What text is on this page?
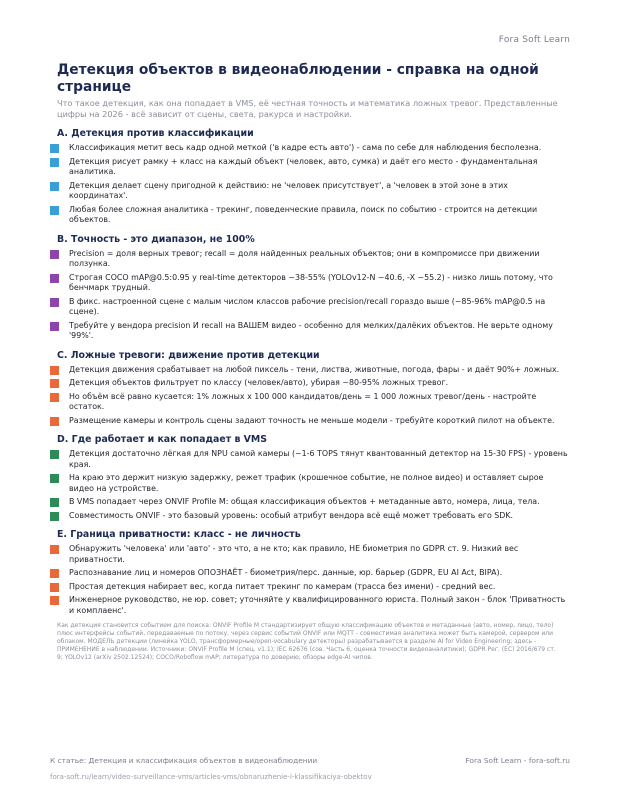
Fora Soft Learn
Детекция объектов в видеонаблюдении - справка на одной странице

Что такое детекция, как она попадает в VMS, её честная точность и математика ложных тревог. Представленные цифры на 2026 - всё зависит от сцены, света, ракурса и настройки.

A. Детекция против классификации
Классификация метит весь кадр одной меткой ('в кадре есть авто') - сама по себе для наблюдения бесполезна.
Детекция рисует рамку + класс на каждый объект (человек, авто, сумка) и даёт его место - фундаментальная аналитика.
Детекция делает сцену пригодной к действию: не 'человек присутствует', а 'человек в этой зоне в этих координатах'.
Любая более сложная аналитика - трекинг, поведенческие правила, поиск по событию - строится на детекции объектов.
B. Точность - это диапазон, не 100%
Precision = доля верных тревог; recall = доля найденных реальных объектов; они в компромиссе при движении ползунка.
Строгая COCO mAP@0.5:0.95 у real-time детекторов ~38-55% (YOLOv12-N ~40.6, -X ~55.2) - низко лишь потому, что бенчмарк трудный.
В фикс. настроенной сцене с малым числом классов рабочие precision/recall гораздо выше (~85-96% mAP@0.5 на сцене).
Требуйте у вендора precision И recall на ВАШЕМ видео - особенно для мелких/далёких объектов. Не верьте одному '99%'.
C. Ложные тревоги: движение против детекции
Детекция движения срабатывает на любой пиксель - тени, листва, животные, погода, фары - и даёт 90%+ ложных.
Детекция объектов фильтрует по классу (человек/авто), убирая ~80-95% ложных тревог.
Но объём всё равно кусается: 1% ложных x 100 000 кандидатов/день = 1 000 ложных тревог/день - настройте остаток.
Размещение камеры и контроль сцены задают точность не меньше модели - требуйте короткий пилот на объекте.
D. Где работает и как попадает в VMS
Детекция достаточно лёгкая для NPU самой камеры (~1-6 TOPS тянут квантованный детектор на 15-30 FPS) - уровень края.
На краю это держит низкую задержку, режет трафик (крошечное событие, не полное видео) и оставляет сырое видео на устройстве.
В VMS попадает через ONVIF Profile M: общая классификация объектов + метаданные авто, номера, лица, тела.
Совместимость ONVIF - это базовый уровень: особый атрибут вендора всё ещё может требовать его SDK.
E. Граница приватности: класс - не личность
Обнаружить 'человека' или 'авто' - это что, а не кто; как правило, НЕ биометрия по GDPR ст. 9. Низкий вес приватности.
Распознавание лиц и номеров ОПОЗНАЁТ - биометрия/перс. данные, юр. барьер (GDPR, EU AI Act, BIPA).
Простая детекция набирает вес, когда питает трекинг по камерам (трасса без имени) - средний вес.
Инженерное руководство, не юр. совет; уточняйте у квалифицированного юриста. Полный закон - блок 'Приватность и комплаенс'.

Как детекция становится событием для поиска: ONVIF Profile M стандартизирует общую классификацию объектов и метаданные (авто, номер, лицо, тело) плюс интерфейсы событий, передаваемые по потоку, через сервис событий ONVIF или MQTT - совместимая аналитика может быть камерой, сервером или облаком. МОДЕЛЬ детекции (линейка YOLO, трансформерные/open-vocabulary детекторы) разрабатывается в разделе AI for Video Engineering; здесь - ПРИМЕНЕНИЕ в наблюдении. Источники: ONVIF Profile M (спец. v1.1); IEC 62676 (сов. Часть 6, оценка точности видеоаналитики); GDPR Рег. (ЕС) 2016/679 ст. 9; YOLOv12 (arXiv 2502.12524); COCO/Roboflow mAP; литература по доверию; обзоры edge-AI чипов.

К статье: Детекция и классификация объектов в видеонаблюдении
fora-soft.ru/learn/video-surveillance-vms/articles-vms/obnaruzhenie-i-klassifikaciya-obektov
Fora Soft Learn - fora-soft.ru
